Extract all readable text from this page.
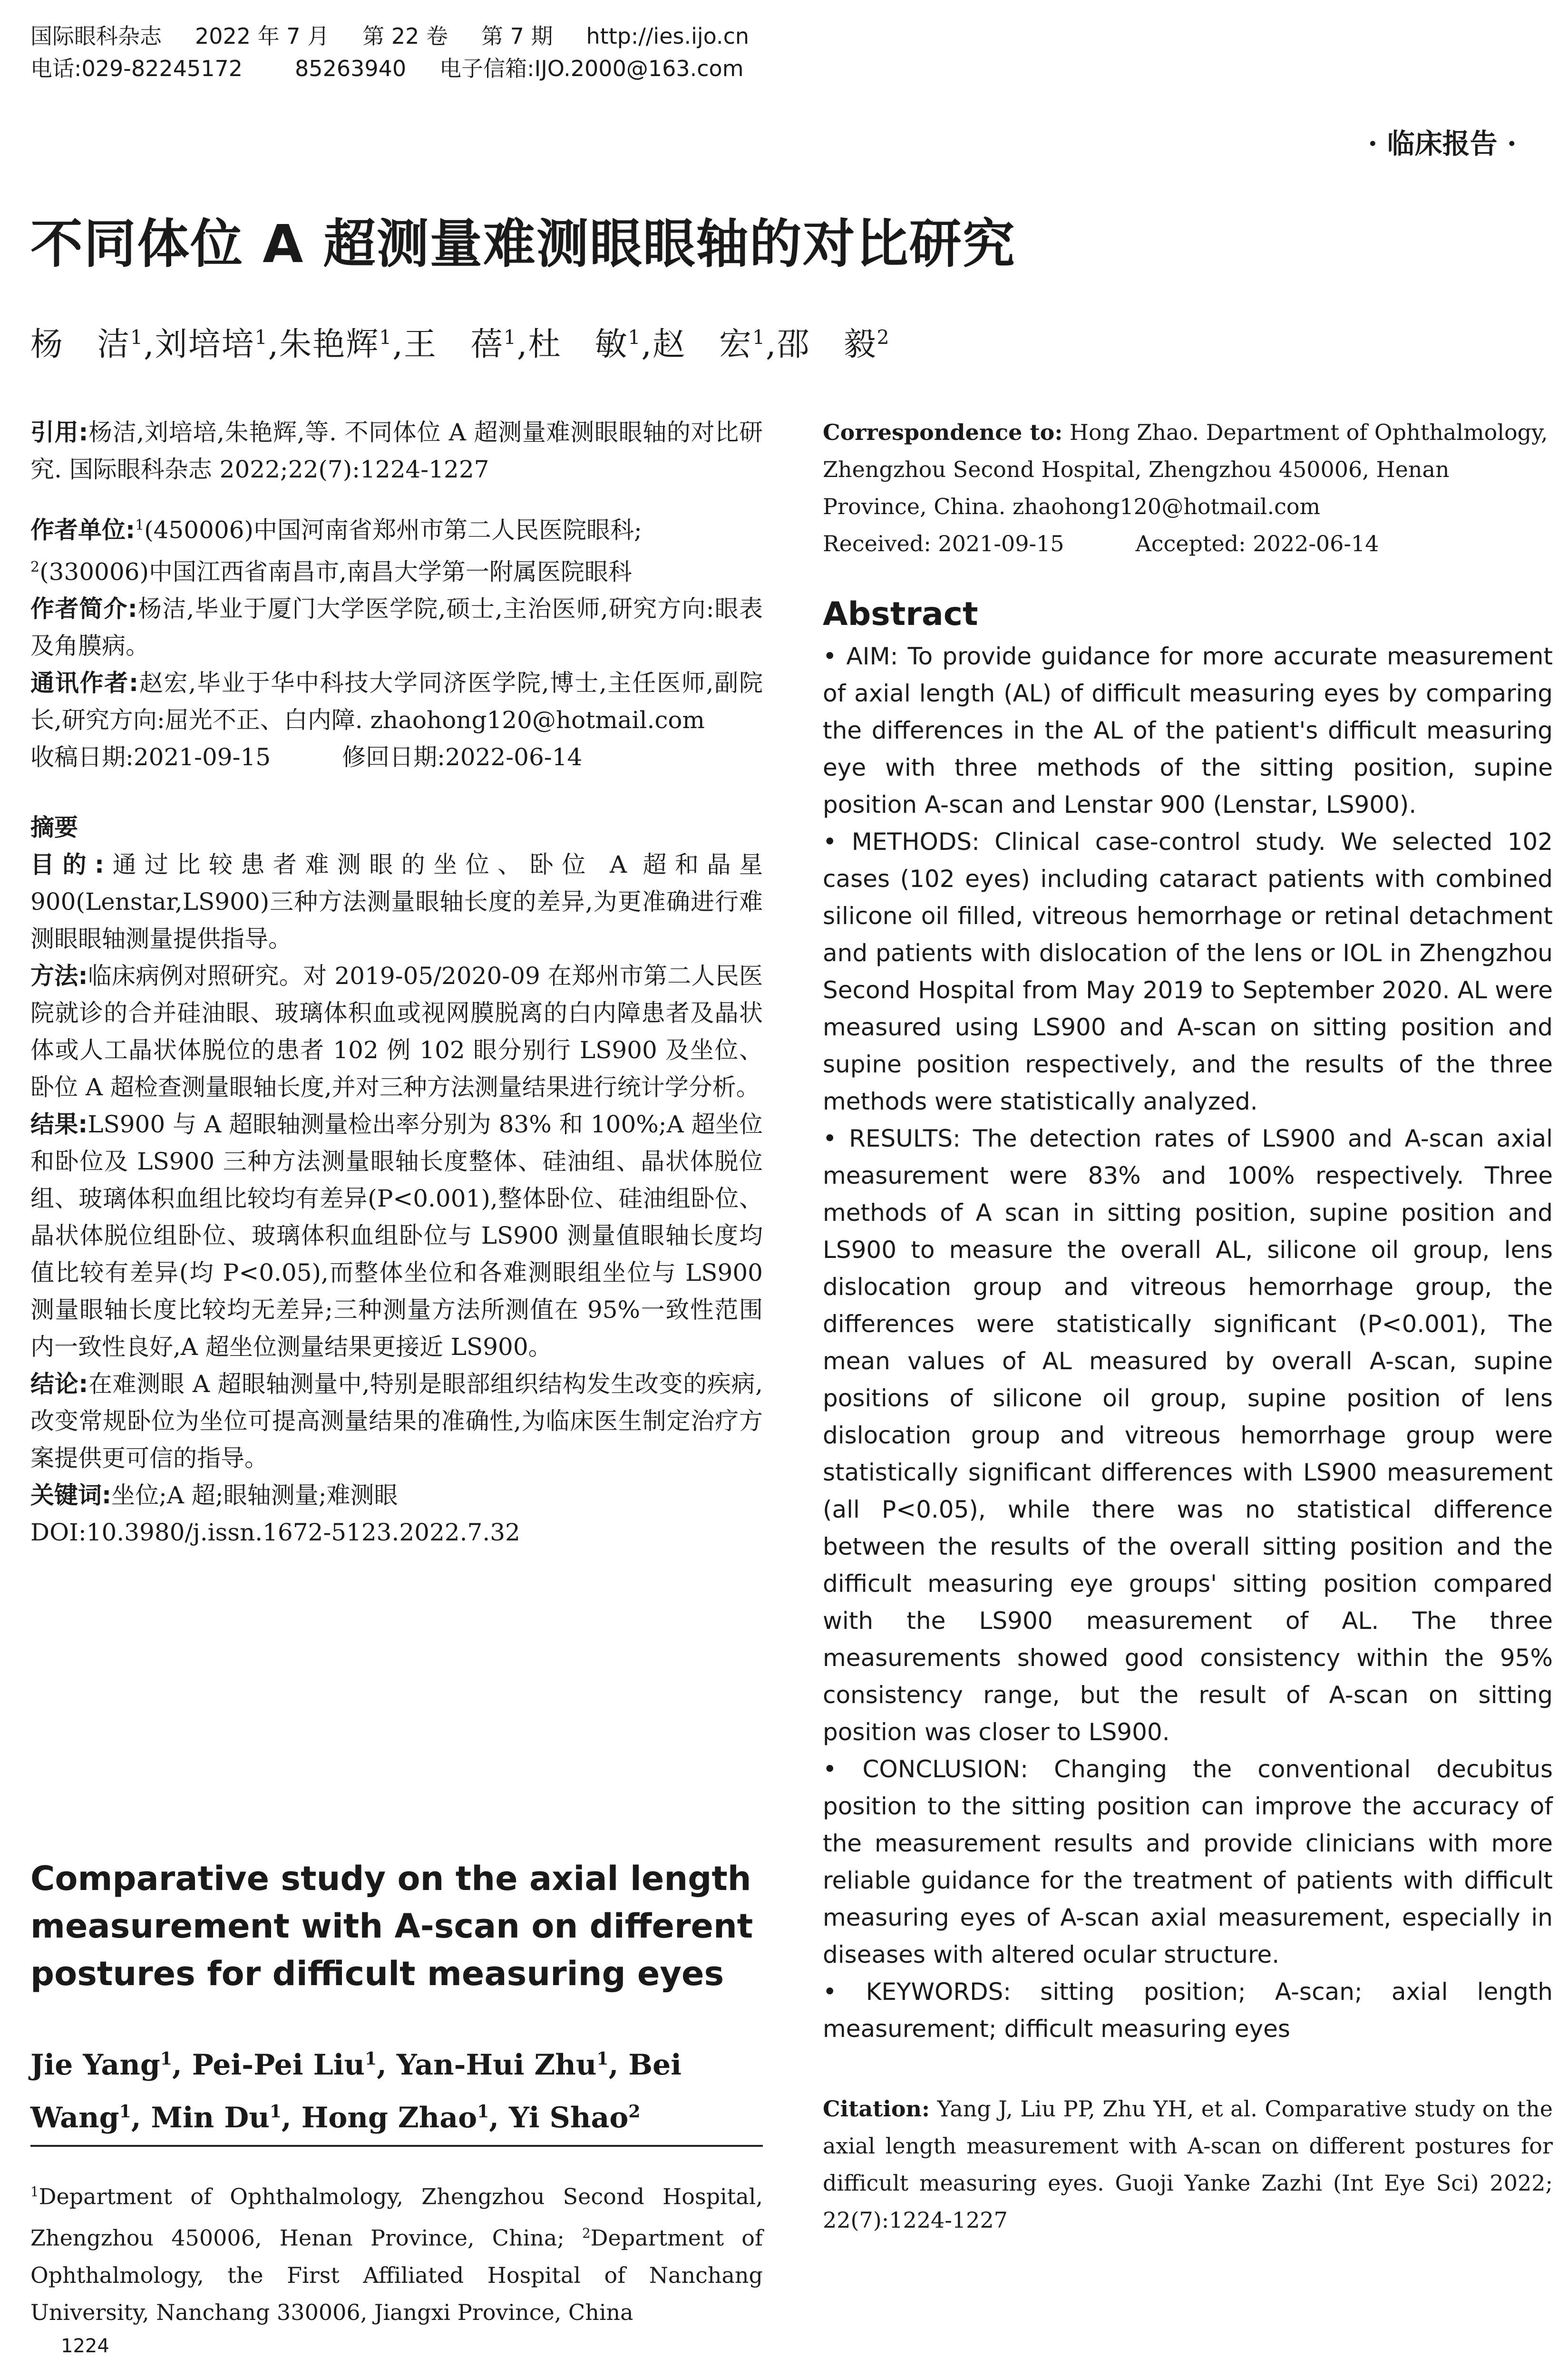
国际眼科杂志 2022 年 7 月 第 22 卷 第 7 期 http://ies.ijo.cn
电话:029-82245172 85263940 电子信箱:IJO.2000@163.com
· 临床报告 ·
不同体位 A 超测量难测眼眼轴的对比研究
杨　洁$^1$,刘培培$^1$,朱艳辉$^1$,王　蓓$^1$,杜　敏$^1$,赵　宏$^1$,邵　毅$^2$

引用:杨洁,刘培培,朱艳辉,等. 不同体位 A 超测量难测眼眼轴的对比研究. 国际眼科杂志 2022;22(7):1224-1227

作者单位:$^1$(450006)中国河南省郑州市第二人民医院眼科;
$^2$(330006)中国江西省南昌市,南昌大学第一附属医院眼科

作者简介:杨洁,毕业于厦门大学医学院,硕士,主治医师,研究方向:眼表及角膜病。

通讯作者:赵宏,毕业于华中科技大学同济医学院,博士,主任医师,副院长,研究方向:屈光不正、白内障. zhaohong120@hotmail.com

收稿日期:2021-09-15	修回日期:2022-06-14

摘要

目的:通过比较患者难测眼的坐位、卧位 A 超和晶星 900(Lenstar,LS900)三种方法测量眼轴长度的差异,为更准确进行难测眼眼轴测量提供指导。

方法:临床病例对照研究。对 2019-05/2020-09 在郑州市第二人民医院就诊的合并硅油眼、玻璃体积血或视网膜脱离的白内障患者及晶状体或人工晶状体脱位的患者 102 例 102 眼分别行 LS900 及坐位、卧位 A 超检查测量眼轴长度,并对三种方法测量结果进行统计学分析。

结果:LS900 与 A 超眼轴测量检出率分别为 83% 和 100%;A 超坐位和卧位及 LS900 三种方法测量眼轴长度整体、硅油组、晶状体脱位组、玻璃体积血组比较均有差异(P<0.001),整体卧位、硅油组卧位、晶状体脱位组卧位、玻璃体积血组卧位与 LS900 测量值眼轴长度均值比较有差异(均 P<0.05),而整体坐位和各难测眼组坐位与 LS900 测量眼轴长度比较均无差异;三种测量方法所测值在 95%一致性范围内一致性良好,A 超坐位测量结果更接近 LS900。

结论:在难测眼 A 超眼轴测量中,特别是眼部组织结构发生改变的疾病,改变常规卧位为坐位可提高测量结果的准确性,为临床医生制定治疗方案提供更可信的指导。

关键词:坐位;A 超;眼轴测量;难测眼

DOI:10.3980/j.issn.1672-5123.2022.7.32

Comparative study on the axial length measurement with A-scan on different postures for difficult measuring eyes
Jie Yang$^1$, Pei-Pei Liu$^1$, Yan-Hui Zhu$^1$, Bei Wang$^1$, Min Du$^1$, Hong Zhao$^1$, Yi Shao$^2$
$^1$Department of Ophthalmology, Zhengzhou Second Hospital, Zhengzhou 450006, Henan Province, China; $^2$Department of Ophthalmology, the First Affiliated Hospital of Nanchang University, Nanchang 330006, Jiangxi Province, China
1224
Correspondence to: Hong Zhao. Department of Ophthalmology, Zhengzhou Second Hospital, Zhengzhou 450006, Henan Province, China. zhaohong120@hotmail.com
Received: 2021-09-15	Accepted: 2022-06-14
Abstract

• AIM: To provide guidance for more accurate measurement of axial length (AL) of difficult measuring eyes by comparing the differences in the AL of the patient's difficult measuring eye with three methods of the sitting position, supine position A-scan and Lenstar 900 (Lenstar, LS900).

• METHODS: Clinical case-control study. We selected 102 cases (102 eyes) including cataract patients with combined silicone oil filled, vitreous hemorrhage or retinal detachment and patients with dislocation of the lens or IOL in Zhengzhou Second Hospital from May 2019 to September 2020. AL were measured using LS900 and A-scan on sitting position and supine position respectively, and the results of the three methods were statistically analyzed.

• RESULTS: The detection rates of LS900 and A-scan axial measurement were 83% and 100% respectively. Three methods of A scan in sitting position, supine position and LS900 to measure the overall AL, silicone oil group, lens dislocation group and vitreous hemorrhage group, the differences were statistically significant (P<0.001), The mean values of AL measured by overall A-scan, supine positions of silicone oil group, supine position of lens dislocation group and vitreous hemorrhage group were statistically significant differences with LS900 measurement (all P<0.05), while there was no statistical difference between the results of the overall sitting position and the difficult measuring eye groups' sitting position compared with the LS900 measurement of AL. The three measurements showed good consistency within the 95% consistency range, but the result of A-scan on sitting position was closer to LS900.

• CONCLUSION: Changing the conventional decubitus position to the sitting position can improve the accuracy of the measurement results and provide clinicians with more reliable guidance for the treatment of patients with difficult measuring eyes of A-scan axial measurement, especially in diseases with altered ocular structure.

• KEYWORDS: sitting position; A-scan; axial length measurement; difficult measuring eyes

Citation: Yang J, Liu PP, Zhu YH, et al. Comparative study on the axial length measurement with A-scan on different postures for difficult measuring eyes. Guoji Yanke Zazhi (Int Eye Sci) 2022; 22(7):1224-1227
